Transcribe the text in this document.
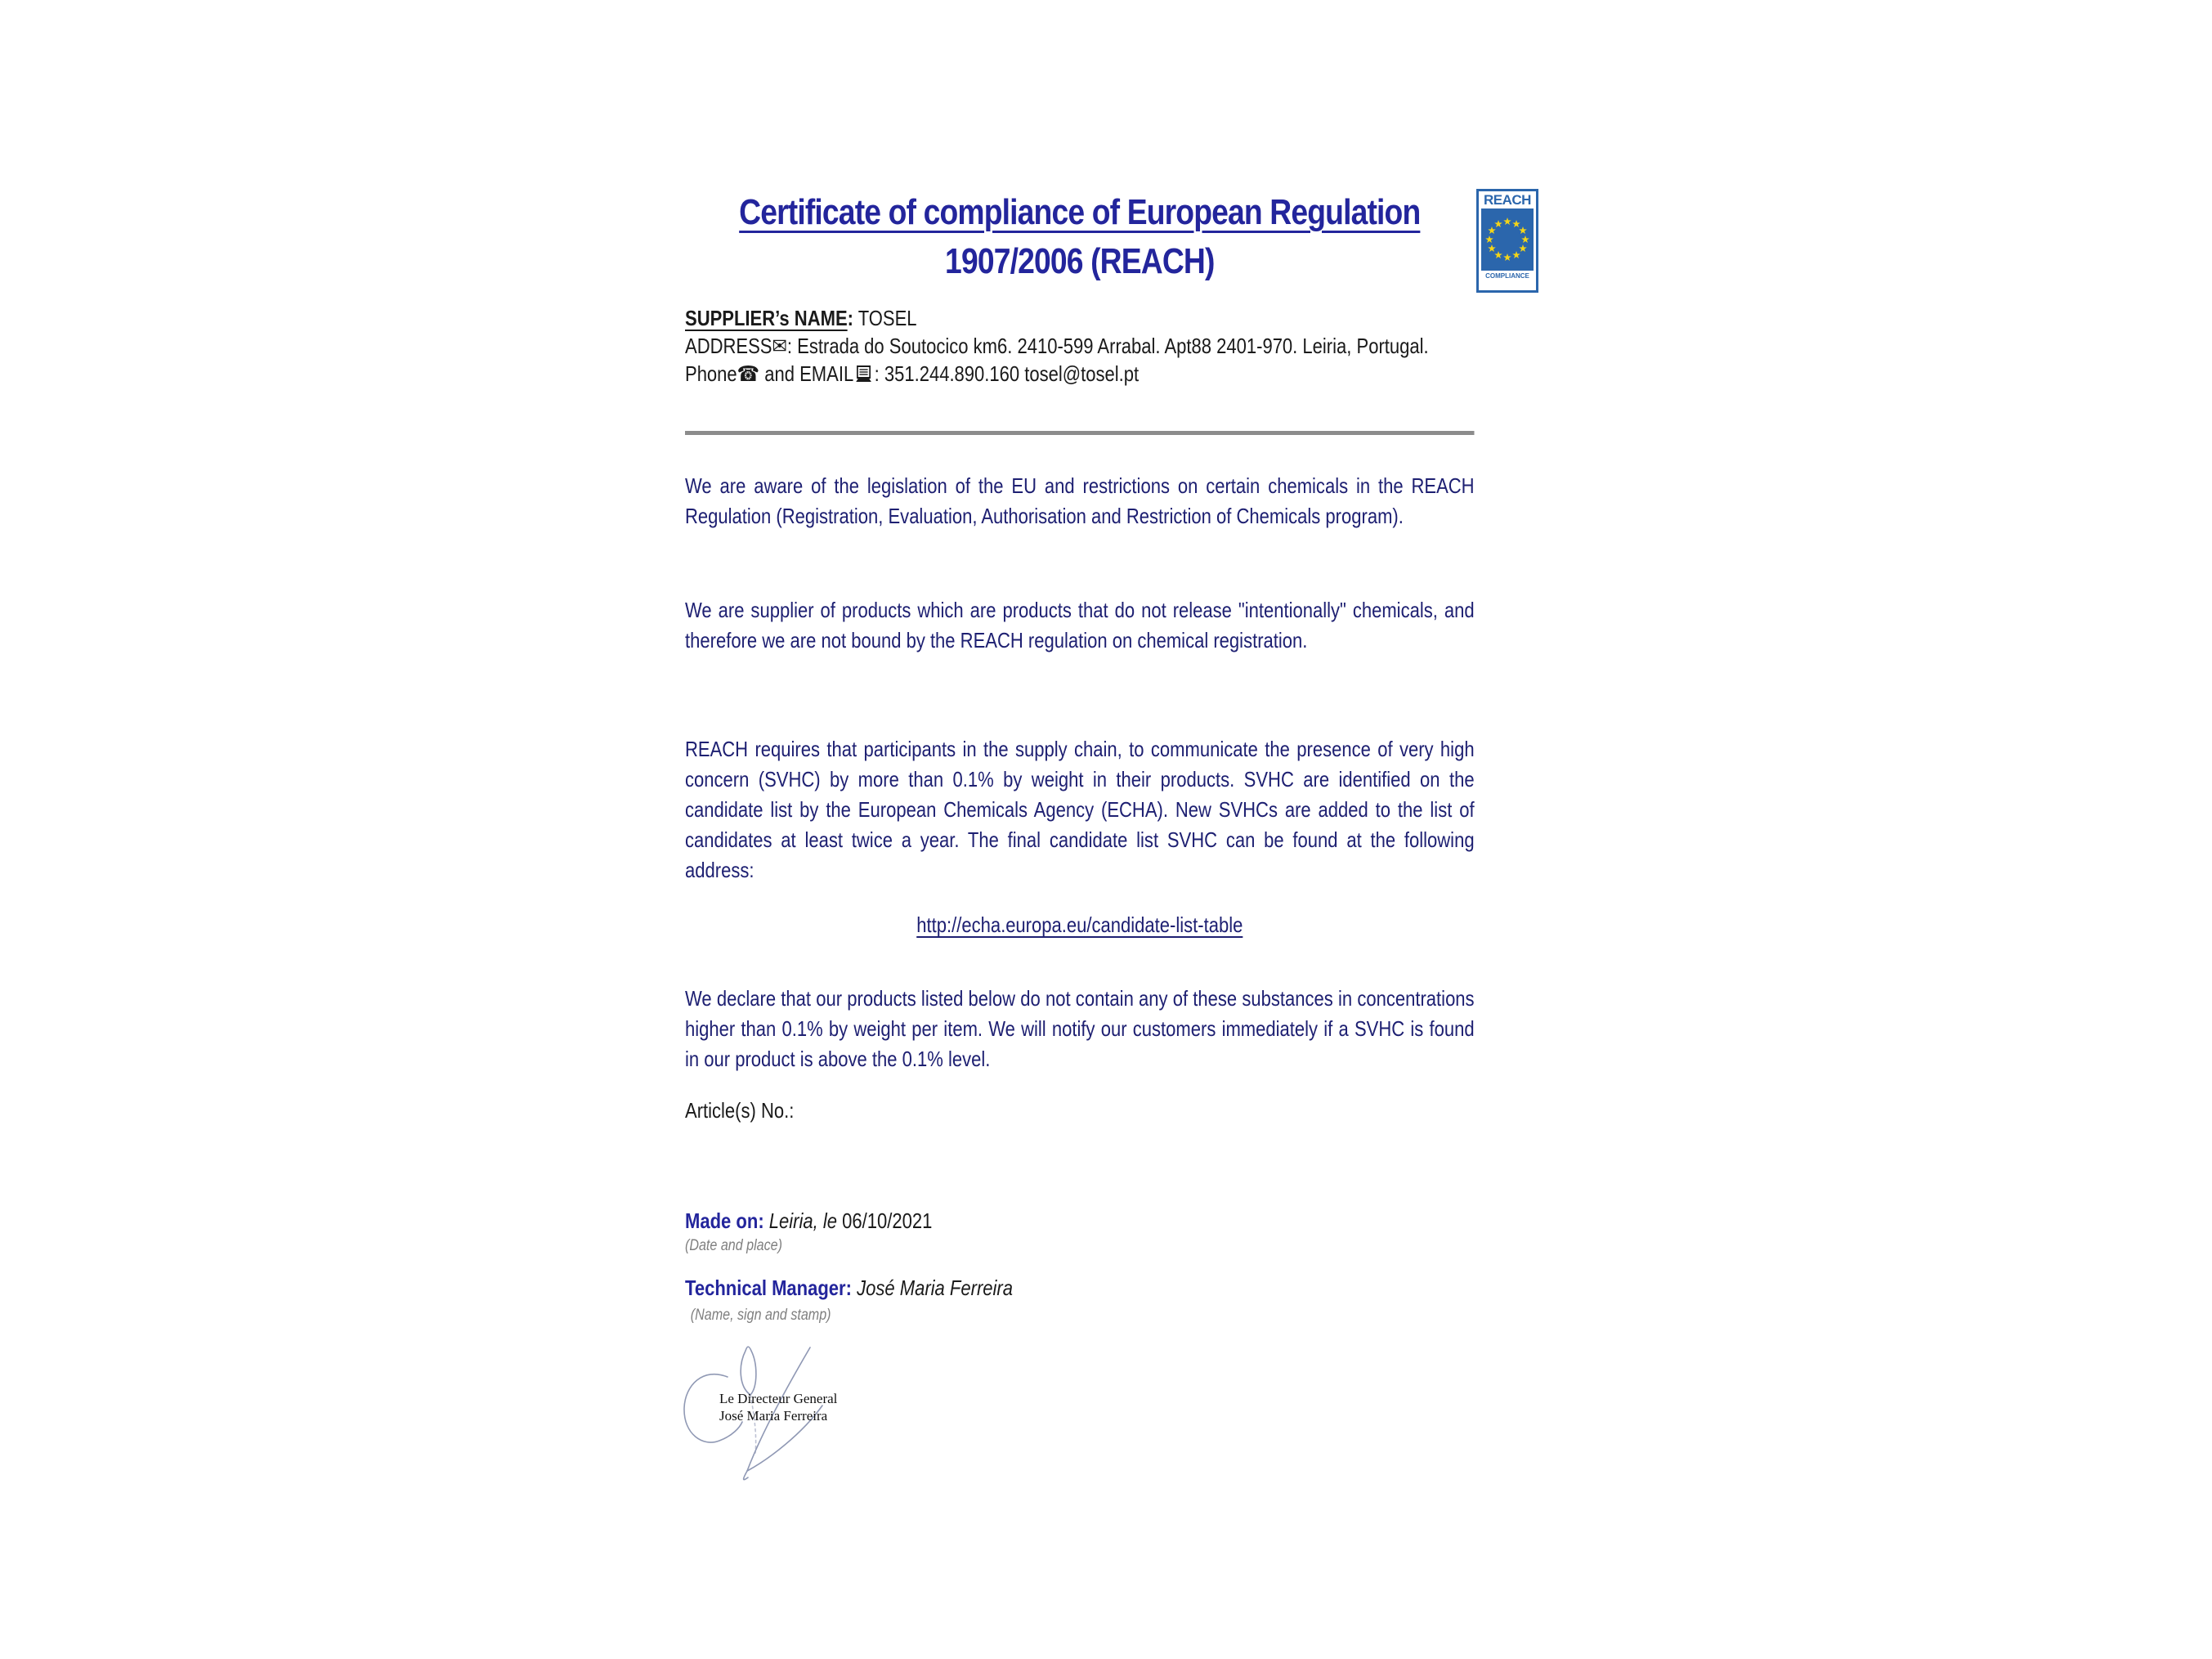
Certificate of compliance of European Regulation
1907/2006 (REACH)
SUPPLIER’s NAME: TOSEL
ADDRESS✉: Estrada do Soutocico km6. 2410-599 Arrabal. Apt88 2401-970. Leiria, Portugal.
Phone☎ and EMAIL : 351.244.890.160 tosel@tosel.pt
We are aware of the legislation of the EU and restrictions on certain chemicals in the REACH Regulation (Registration, Evaluation, Authorisation and Restriction of Chemicals program).
We are supplier of products which are products that do not release "intentionally" chemicals, and therefore we are not bound by the REACH regulation on chemical registration.
REACH requires that participants in the supply chain, to communicate the presence of very high concern (SVHC) by more than 0.1% by weight in their products. SVHC are identified on the candidate list by the European Chemicals Agency (ECHA). New SVHCs are added to the list of candidates at least twice a year. The final candidate list SVHC can be found at the following address:
http://echa.europa.eu/candidate-list-table
We declare that our products listed below do not contain any of these substances in concentrations higher than 0.1% by weight per item. We will notify our customers immediately if a SVHC is found in our product is above the 0.1% level.
Article(s) No.:
Made on: Leiria, le 06/10/2021
(Date and place)
Technical Manager: José Maria Ferreira
(Name, sign and stamp)
REACH
COMPLIANCE
Le Directeur General
José Maria Ferreira
